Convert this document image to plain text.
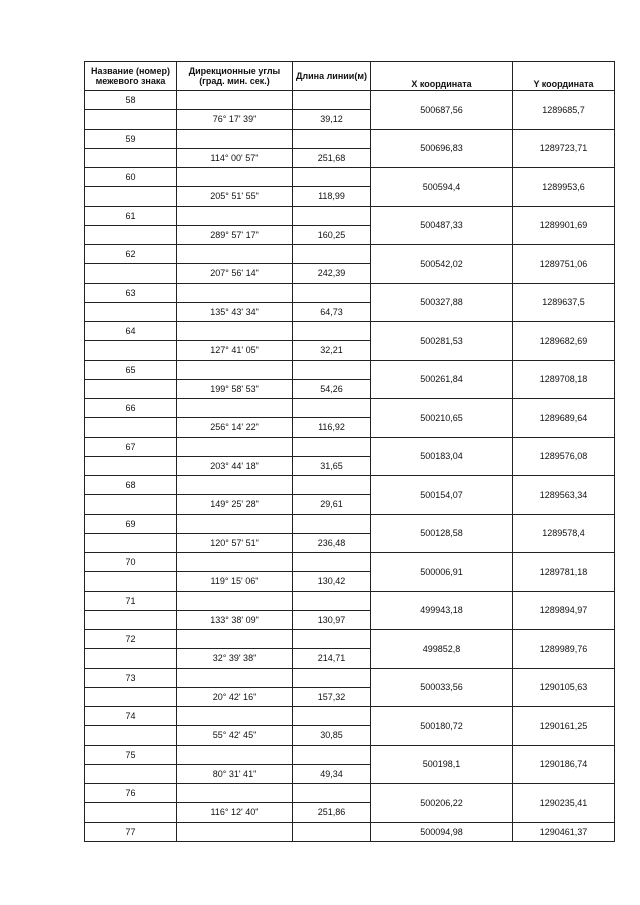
Название (номер) межевого знака	Дирекционные углы (град. мин. сек.)	Длина линии(м)	X координата	Y координата
58			500687,56	1289685,7
	76° 17' 39"	39,12		
59			500696,83	1289723,71
	114° 00' 57"	251,68		
60			500594,4	1289953,6
	205° 51' 55"	118,99		
61			500487,33	1289901,69
	289° 57' 17"	160,25		
62			500542,02	1289751,06
	207° 56' 14"	242,39		
63			500327,88	1289637,5
	135° 43' 34"	64,73		
64			500281,53	1289682,69
	127° 41' 05"	32,21		
65			500261,84	1289708,18
	199° 58' 53"	54,26		
66			500210,65	1289689,64
	256° 14' 22"	116,92		
67			500183,04	1289576,08
	203° 44' 18"	31,65		
68			500154,07	1289563,34
	149° 25' 28"	29,61		
69			500128,58	1289578,4
	120° 57' 51"	236,48		
70			500006,91	1289781,18
	119° 15' 06"	130,42		
71			499943,18	1289894,97
	133° 38' 09"	130,97		
72			499852,8	1289989,76
	32° 39' 38"	214,71		
73			500033,56	1290105,63
	20° 42' 16"	157,32		
74			500180,72	1290161,25
	55° 42' 45"	30,85		
75			500198,1	1290186,74
	80° 31' 41"	49,34		
76			500206,22	1290235,41
	116° 12' 40"	251,86		
77			500094,98	1290461,37
